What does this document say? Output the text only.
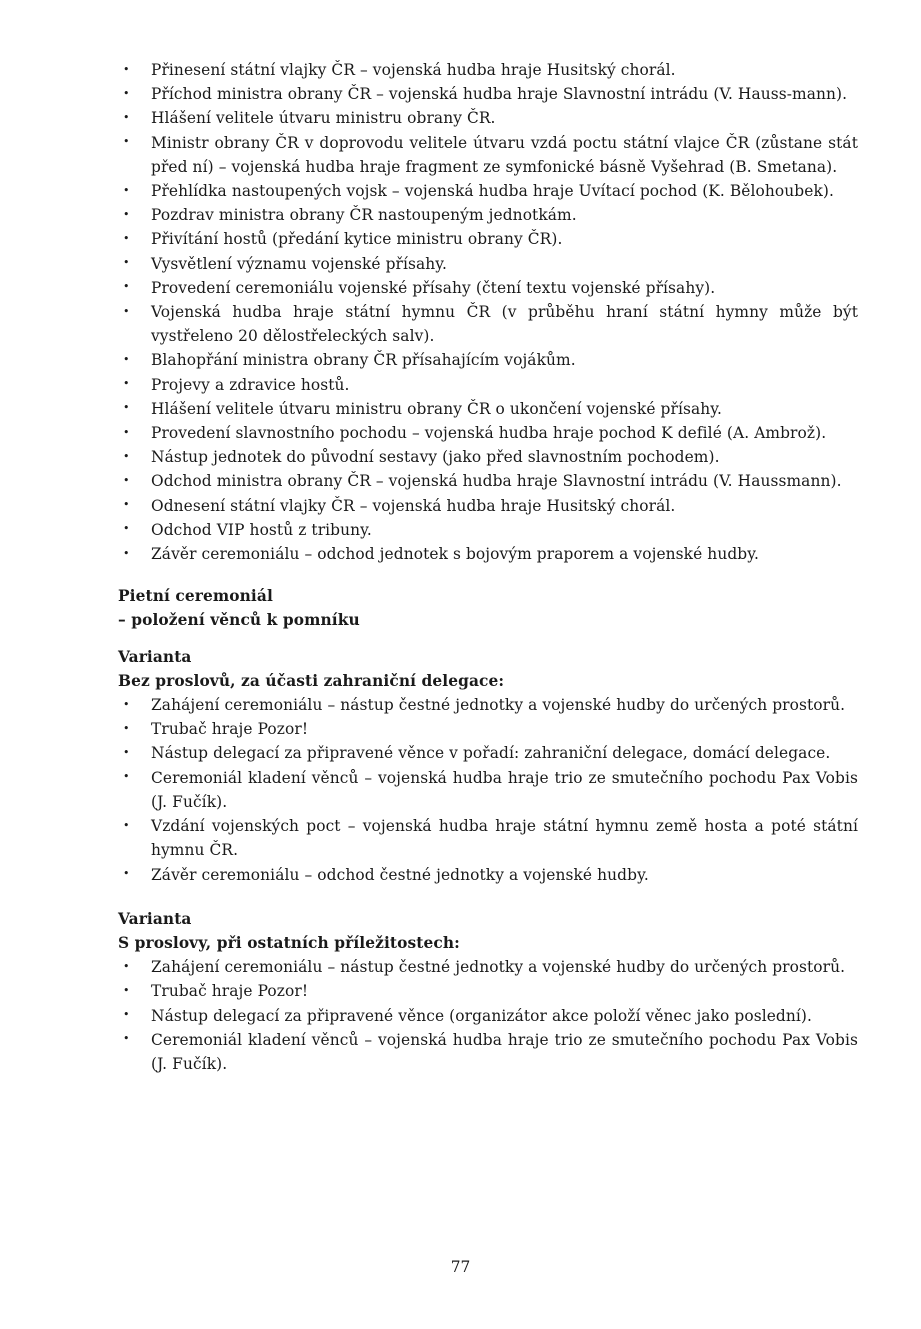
• Přinesení státní vlajky ČR – vojenská hudba hraje Husitský chorál.
• Příchod ministra obrany ČR – vojenská hudba hraje Slavnostní intrádu (V. Hauss-mann).
• Hlášení velitele útvaru ministru obrany ČR.
• Ministr obrany ČR v doprovodu velitele útvaru vzdá poctu státní vlajce ČR (zůstane stát před ní) – vojenská hudba hraje fragment ze symfonické básně Vyšehrad (B. Smetana).
• Přehlídka nastoupených vojsk – vojenská hudba hraje Uvítací pochod (K. Bělohoubek).
• Pozdrav ministra obrany ČR nastoupeným jednotkám.
• Přivítání hostů (předání kytice ministru obrany ČR).
• Vysvětlení významu vojenské přísahy.
• Provedení ceremoniálu vojenské přísahy (čtení textu vojenské přísahy).
• Vojenská hudba hraje státní hymnu ČR (v průběhu hraní státní hymny může být vystřeleno 20 dělostřeleckých salv).
• Blahopřání ministra obrany ČR přísahajícím vojákům.
• Projevy a zdravice hostů.
• Hlášení velitele útvaru ministru obrany ČR o ukončení vojenské přísahy.
• Provedení slavnostního pochodu – vojenská hudba hraje pochod K defilé (A. Ambrož).
• Nástup jednotek do původní sestavy (jako před slavnostním pochodem).
• Odchod ministra obrany ČR – vojenská hudba hraje Slavnostní intrádu (V. Haussmann).
• Odnesení státní vlajky ČR – vojenská hudba hraje Husitský chorál.
• Odchod VIP hostů z tribuny.
• Závěr ceremoniálu – odchod jednotek s bojovým praporem a vojenské hudby.
Pietní ceremoniál
– položení věnců k pomníku
Varianta
Bez proslovů, za účasti zahraniční delegace:
• Zahájení ceremoniálu – nástup čestné jednotky a vojenské hudby do určených prostorů.
• Trubač hraje Pozor!
• Nástup delegací za připravené věnce v pořadí: zahraniční delegace, domácí delegace.
• Ceremoniál kladení věnců – vojenská hudba hraje trio ze smutečního pochodu Pax Vobis (J. Fučík).
• Vzdání vojenských poct – vojenská hudba hraje státní hymnu země hosta a poté státní hymnu ČR.
• Závěr ceremoniálu – odchod čestné jednotky a vojenské hudby.
Varianta
S proslovy, při ostatních příležitostech:
• Zahájení ceremoniálu – nástup čestné jednotky a vojenské hudby do určených prostorů.
• Trubač hraje Pozor!
• Nástup delegací za připravené věnce (organizátor akce položí věnec jako poslední).
• Ceremoniál kladení věnců – vojenská hudba hraje trio ze smutečního pochodu Pax Vobis (J. Fučík).
77
